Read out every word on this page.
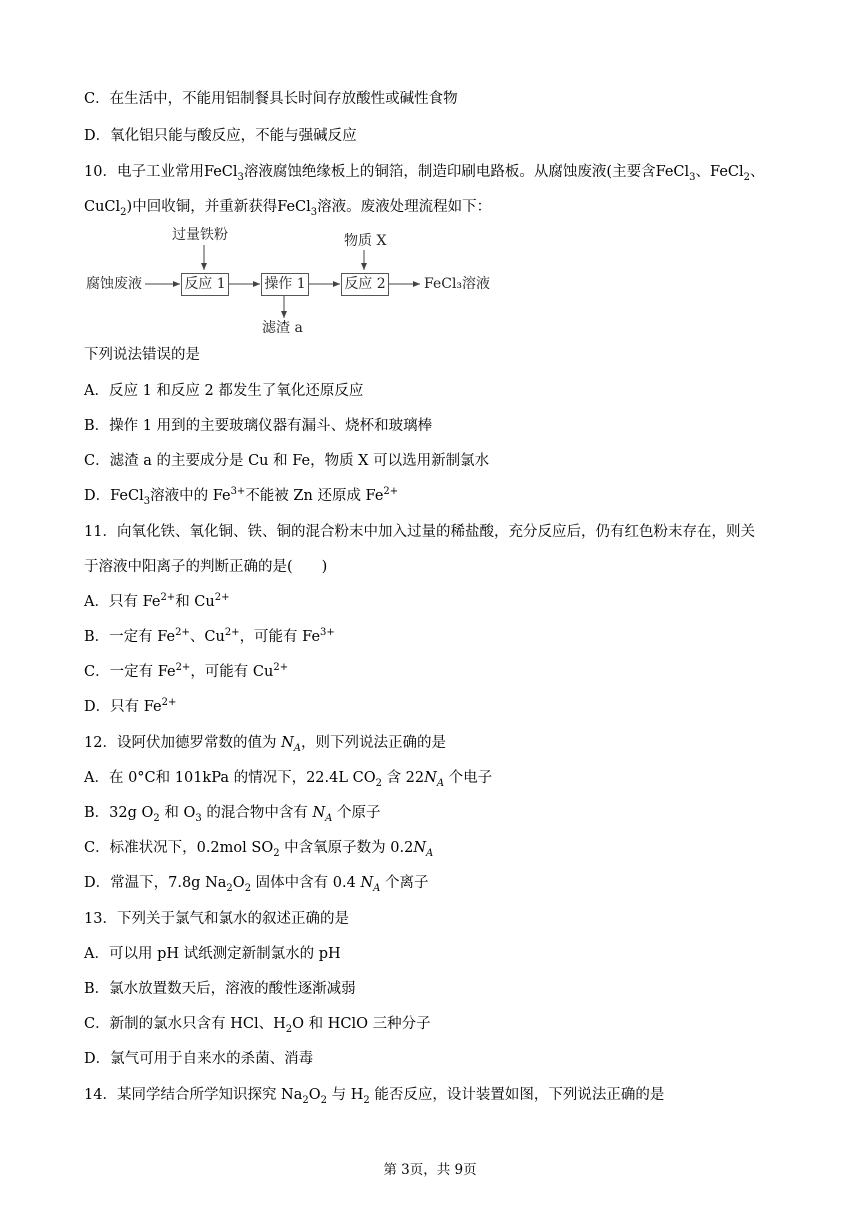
C．在生活中，不能用铝制餐具长时间存放酸性或碱性食物
D．氧化铝只能与酸反应，不能与强碱反应
10．电子工业常用FeCl$_3$溶液腐蚀绝缘板上的铜箔，制造印刷电路板。从腐蚀废液(主要含FeCl$_3$、FeCl$_2$、
CuCl$_2$)中回收铜，并重新获得FeCl$_3$溶液。废液处理流程如下：
腐蚀废液
过量铁粉
反应 1	操作 1
滤渣 a
物质 X
反应 2	FeCl₃溶液
下列说法错误的是
A．反应 1 和反应 2 都发生了氧化还原反应
B．操作 1 用到的主要玻璃仪器有漏斗、烧杯和玻璃棒
C．滤渣 a 的主要成分是 Cu 和 Fe，物质 X 可以选用新制氯水
D．FeCl$_3$溶液中的 $Fe^{3+}$不能被 Zn 还原成 $Fe^{2+}$
11．向氧化铁、氧化铜、铁、铜的混合粉末中加入过量的稀盐酸，充分反应后，仍有红色粉末存在，则关
于溶液中阳离子的判断正确的是(　　)
A．只有 $Fe^{2+}$和 $Cu^{2+}$
B．一定有 $Fe^{2+}$、$Cu^{2+}$，可能有 $Fe^{3+}$
C．一定有 $Fe^{2+}$，可能有 $Cu^{2+}$
D．只有 $Fe^{2+}$
12．设阿伏加德罗常数的值为 $N_A$，则下列说法正确的是
A．在 0°C和 101kPa 的情况下，22.4L $CO_2$ 含 $22N_A$ 个电子
B．32g $O_2$ 和 $O_3$ 的混合物中含有 $N_A$ 个原子
C．标准状况下，0.2mol $SO_2$ 中含氧原子数为 $0.2N_A$
D．常温下，7.8g $Na_2O_2$ 固体中含有 0.4 $N_A$ 个离子
13．下列关于氯气和氯水的叙述正确的是
A．可以用 pH 试纸测定新制氯水的 pH
B．氯水放置数天后，溶液的酸性逐渐减弱
C．新制的氯水只含有 HCl、$H_2O$ 和 HClO 三种分子
D．氯气可用于自来水的杀菌、消毒
14．某同学结合所学知识探究 $Na_2O_2$ 与 $H_2$ 能否反应，设计装置如图，下列说法正确的是
第 3页，共 9页
